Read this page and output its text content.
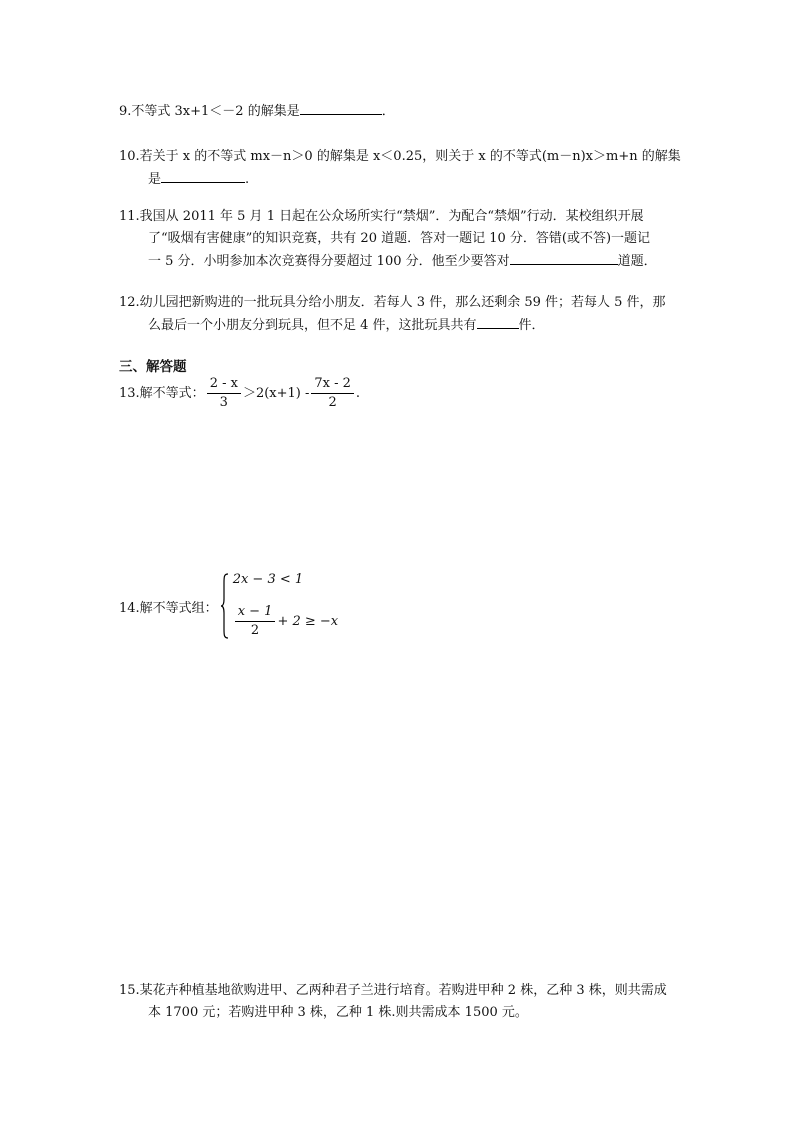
9.不等式 3x+1＜－2 的解集是	．
10.若关于 x 的不等式 mx－n＞0 的解集是 x＜0.25，则关于 x 的不等式(m－n)x＞m+n 的解集
是	.
11.我国从 2011 年 5 月 1 日起在公众场所实行“禁烟”．为配合“禁烟”行动．某校组织开展
了“吸烟有害健康”的知识竞赛，共有 20 道题．答对一题记 10 分．答错(或不答)一题记
一 5 分．小明参加本次竞赛得分要超过 100 分．他至少要答对	道题．
12.幼儿园把新购进的一批玩具分给小朋友．若每人 3 件，那么还剩余 59 件；若每人 5 件，那
么最后一个小朋友分到玩具，但不足 4 件，这批玩具共有	件．
三、解答题
13.解不等式： $\frac{2 - x}{3} >2(x+1) - \frac{7x - 2}{2}$ .
14.解不等式组：
2x − 3 < 1
$\frac{x - 1}{2} + 2 \ge -x$
15.某花卉种植基地欲购进甲、乙两种君子兰进行培育。若购进甲种 2 株，乙种 3 株，则共需成
本 1700 元；若购进甲种 3 株，乙种 1 株.则共需成本 1500 元。
